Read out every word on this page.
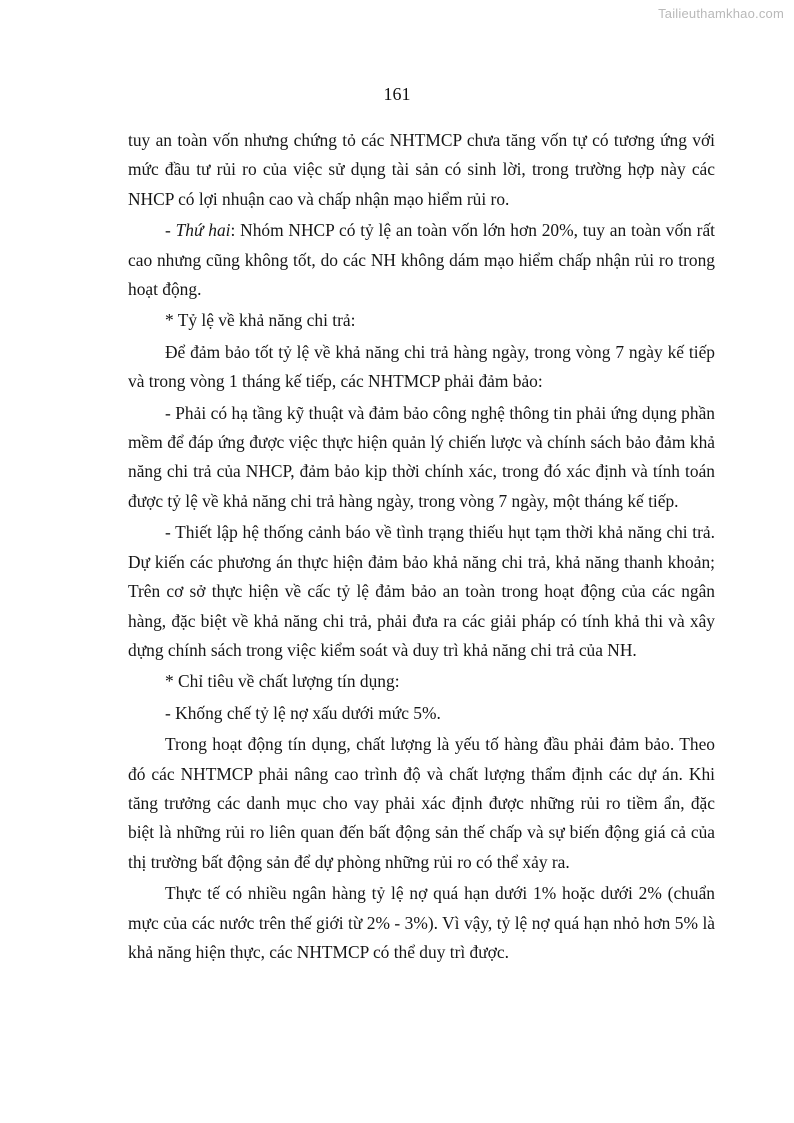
Tailieuthamkhao.com
161

tuy an toàn vốn nhưng chứng tỏ các NHTMCP chưa tăng vốn tự có tương ứng với mức đầu tư rủi ro của việc sử dụng tài sản có sinh lời, trong trường hợp này các NHCP có lợi nhuận cao và chấp nhận mạo hiểm rủi ro.

- Thứ hai: Nhóm NHCP có tỷ lệ an toàn vốn lớn hơn 20%, tuy an toàn vốn rất cao nhưng cũng không tốt, do các NH không dám mạo hiểm chấp nhận rủi ro trong hoạt động.

* Tỷ lệ về khả năng chi trả:

Để đảm bảo tốt tỷ lệ về khả năng chi trả hàng ngày, trong vòng 7 ngày kế tiếp và trong vòng 1 tháng kế tiếp, các NHTMCP phải đảm bảo:

- Phải có hạ tầng kỹ thuật và đảm bảo công nghệ thông tin phải ứng dụng phần mềm để đáp ứng được việc thực hiện quản lý chiến lược và chính sách bảo đảm khả năng chi trả của NHCP, đảm bảo kịp thời chính xác, trong đó xác định và tính toán được tỷ lệ về khả năng chi trả hàng ngày, trong vòng 7 ngày, một tháng kế tiếp.

- Thiết lập hệ thống cảnh báo về tình trạng thiếu hụt tạm thời khả năng chi trả. Dự kiến các phương án thực hiện đảm bảo khả năng chi trả, khả năng thanh khoản; Trên cơ sở thực hiện về cấc tỷ lệ đảm bảo an toàn trong hoạt động của các ngân hàng, đặc biệt về khả năng chi trả, phải đưa ra các giải pháp có tính khả thi và xây dựng chính sách trong việc kiểm soát và duy trì khả năng chi trả của NH.

* Chỉ tiêu về chất lượng tín dụng:

- Khống chế tỷ lệ nợ xấu dưới mức 5%.

Trong hoạt động tín dụng, chất lượng là yếu tố hàng đầu phải đảm bảo. Theo đó các NHTMCP phải nâng cao trình độ và chất lượng thẩm định các dự án. Khi tăng trưởng các danh mục cho vay phải xác định được những rủi ro tiềm ẩn, đặc biệt là những rủi ro liên quan đến bất động sản thế chấp và sự biến động giá cả của thị trường bất động sản để dự phòng những rủi ro có thể xảy ra.

Thực tế có nhiều ngân hàng tỷ lệ nợ quá hạn dưới 1% hoặc dưới 2% (chuẩn mực của các nước trên thế giới từ 2% - 3%). Vì vậy, tỷ lệ nợ quá hạn nhỏ hơn 5% là khả năng hiện thực, các NHTMCP có thể duy trì được.
